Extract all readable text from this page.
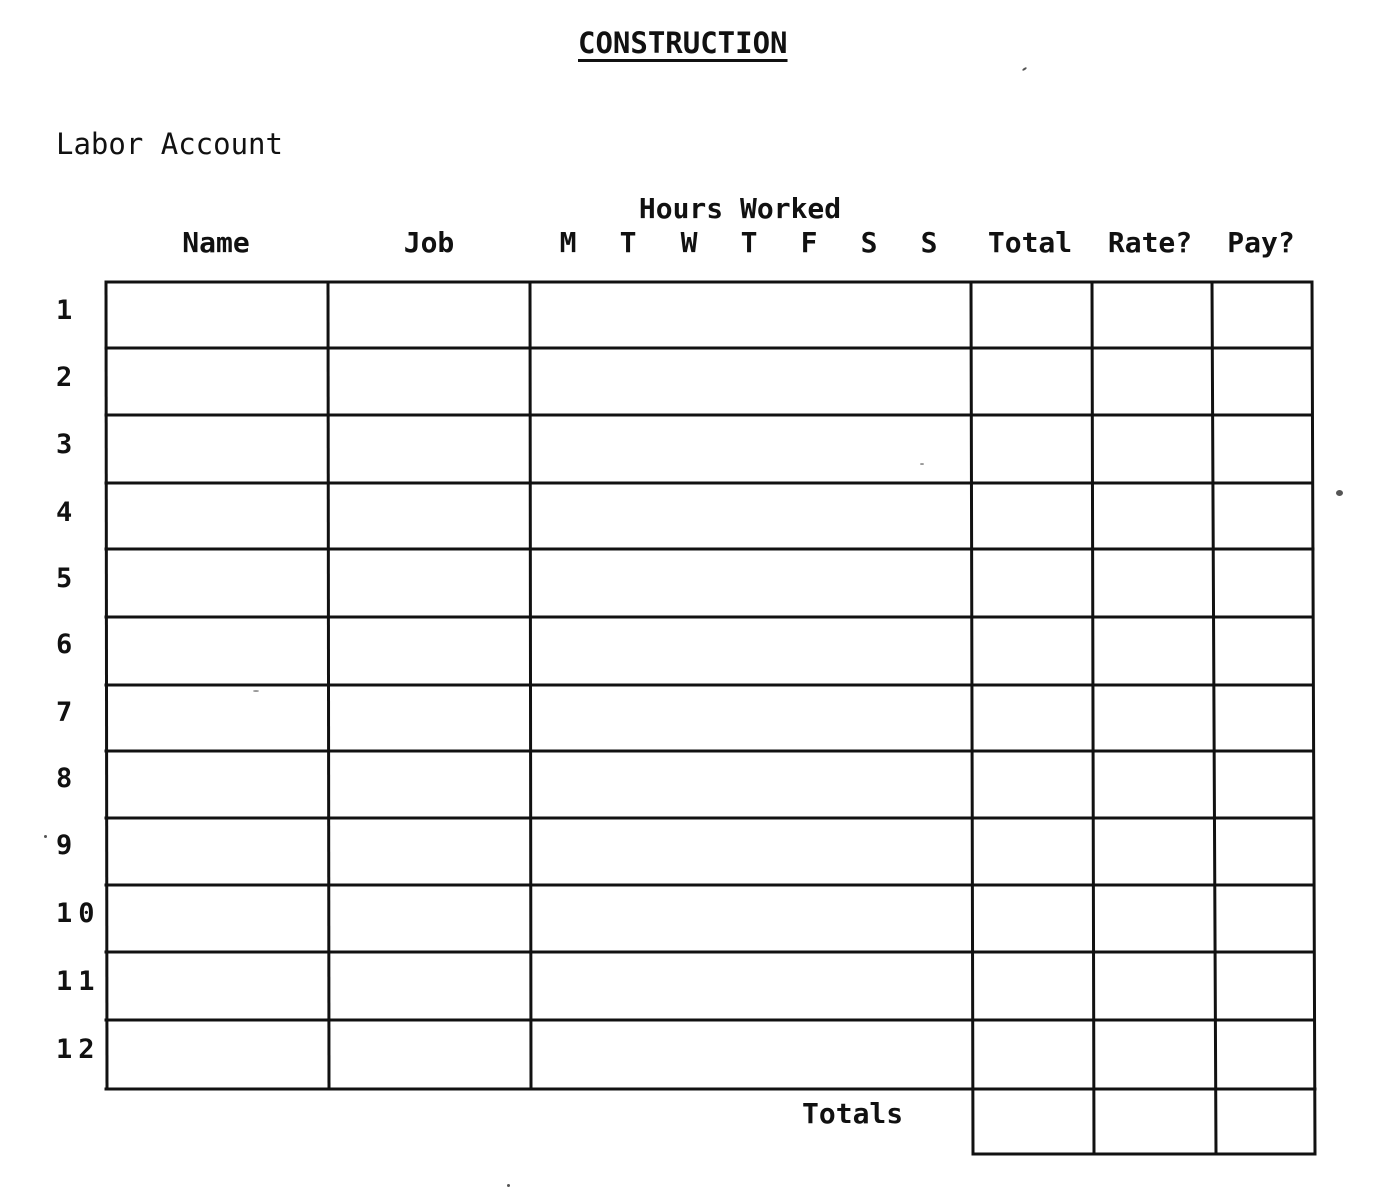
CONSTRUCTION
Labor Account
Hours Worked
Name	Job	M T W T F S S Total Rate? Pay?
1
2
3
4
5
6
7
8
9
10
11
12
Totals
